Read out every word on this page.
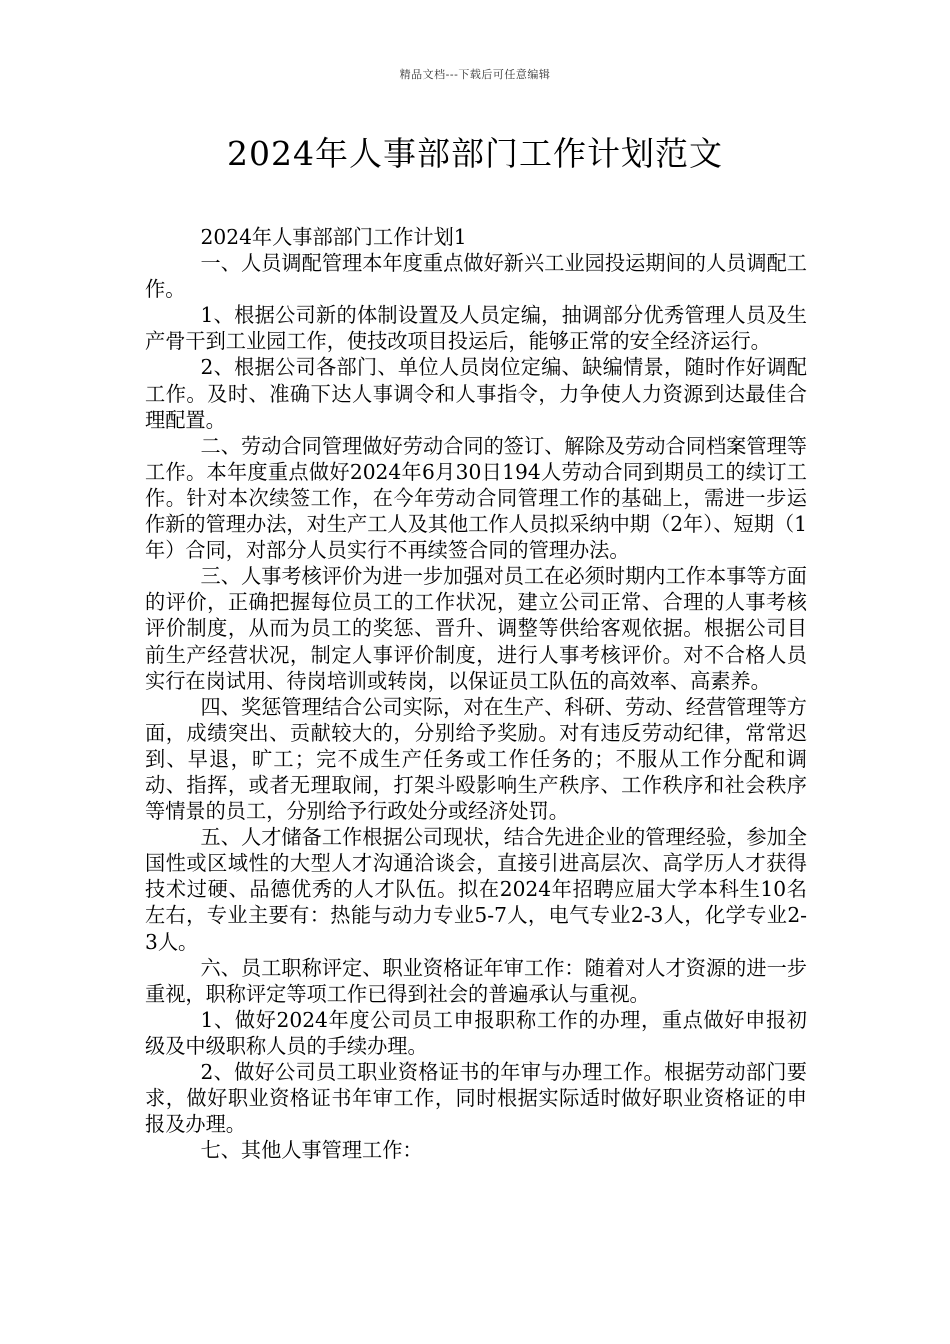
精品文档---下载后可任意编辑
2024年人事部部门工作计划范文

2024年人事部部门工作计划1

一、人员调配管理本年度重点做好新兴工业园投运期间的人员调配工作。

1、根据公司新的体制设置及人员定编，抽调部分优秀管理人员及生产骨干到工业园工作，使技改项目投运后，能够正常的安全经济运行。

2、根据公司各部门、单位人员岗位定编、缺编情景，随时作好调配工作。及时、准确下达人事调令和人事指令，力争使人力资源到达最佳合理配置。

二、劳动合同管理做好劳动合同的签订、解除及劳动合同档案管理等工作。本年度重点做好2024年6月30日194人劳动合同到期员工的续订工作。针对本次续签工作，在今年劳动合同管理工作的基础上，需进一步运作新的管理办法，对生产工人及其他工作人员拟采纳中期（2年）、短期（1年）合同，对部分人员实行不再续签合同的管理办法。

三、人事考核评价为进一步加强对员工在必须时期内工作本事等方面的评价，正确把握每位员工的工作状况，建立公司正常、合理的人事考核评价制度，从而为员工的奖惩、晋升、调整等供给客观依据。根据公司目前生产经营状况，制定人事评价制度，进行人事考核评价。对不合格人员实行在岗试用、待岗培训或转岗，以保证员工队伍的高效率、高素养。

四、奖惩管理结合公司实际，对在生产、科研、劳动、经营管理等方面，成绩突出、贡献较大的，分别给予奖励。对有违反劳动纪律，常常迟到、早退，旷工；完不成生产任务或工作任务的；不服从工作分配和调动、指挥，或者无理取闹，打架斗殴影响生产秩序、工作秩序和社会秩序等情景的员工，分别给予行政处分或经济处罚。

五、人才储备工作根据公司现状，结合先进企业的管理经验，参加全国性或区域性的大型人才沟通洽谈会，直接引进高层次、高学历人才获得技术过硬、品德优秀的人才队伍。拟在2024年招聘应届大学本科生10名左右，专业主要有：热能与动力专业5-7人，电气专业2-3人，化学专业2-3人。

六、员工职称评定、职业资格证年审工作：随着对人才资源的进一步重视，职称评定等项工作已得到社会的普遍承认与重视。

1、做好2024年度公司员工申报职称工作的办理，重点做好申报初级及中级职称人员的手续办理。

2、做好公司员工职业资格证书的年审与办理工作。根据劳动部门要求，做好职业资格证书年审工作，同时根据实际适时做好职业资格证的申报及办理。

七、其他人事管理工作：
